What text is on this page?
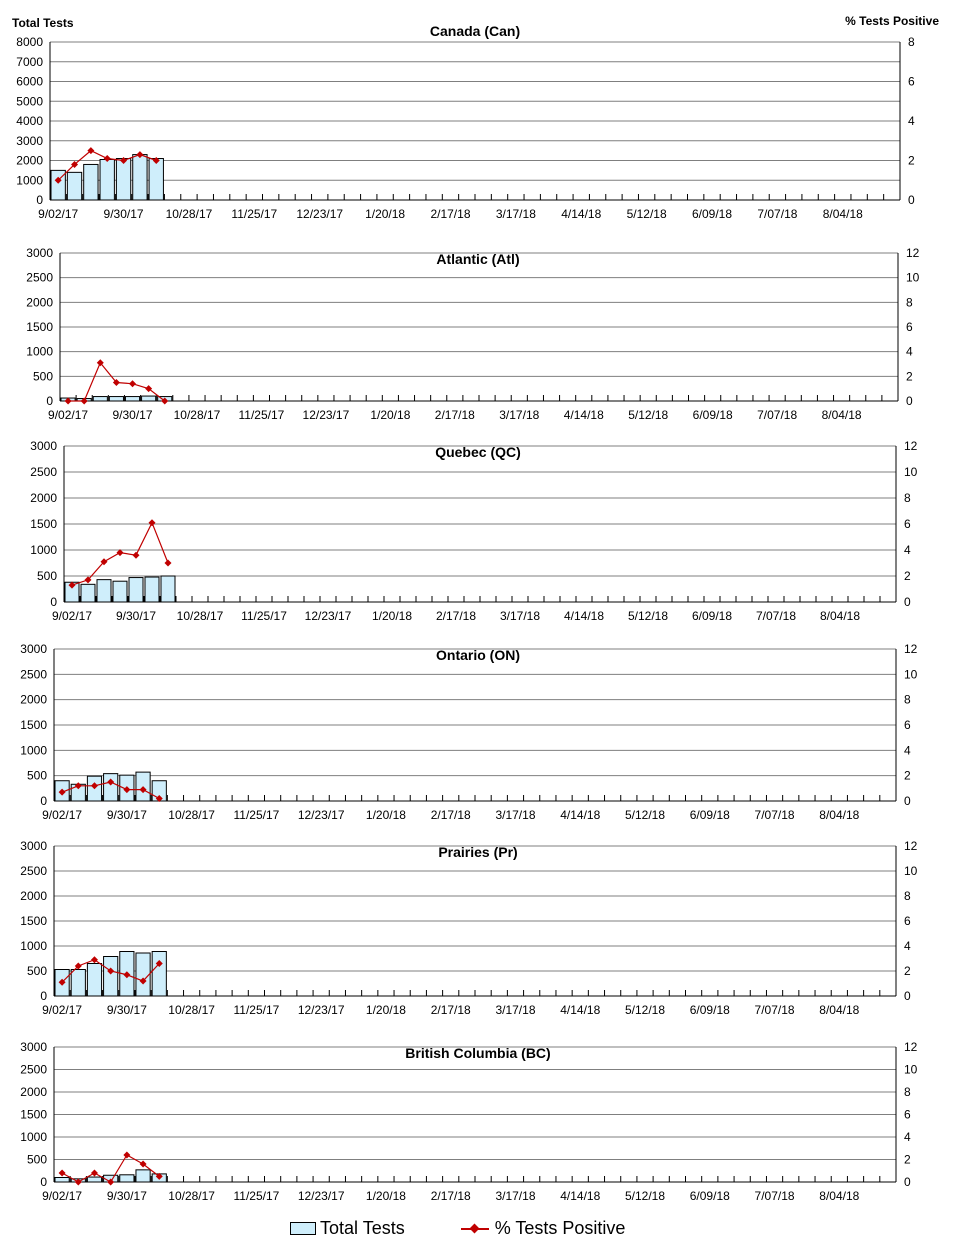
Total Tests	% Tests Positive
0
1000
2000
3000
4000
5000
6000
7000
8000
0
2
4
6
8
9/02/17 9/30/17 10/28/17 11/25/17 12/23/17 1/20/18 2/17/18 3/17/18 4/14/18 5/12/18 6/09/18 7/07/18 8/04/18
Canada (Can)
0
500
1000
1500
2000
2500
3000
0
2
4
6
8
10
12
9/02/17 9/30/17 10/28/17 11/25/17 12/23/17 1/20/18 2/17/18 3/17/18 4/14/18 5/12/18 6/09/18 7/07/18 8/04/18
Atlantic (Atl)
0
500
1000
1500
2000
2500
3000
0
2
4
6
8
10
12
9/02/17 9/30/17 10/28/17 11/25/17 12/23/17 1/20/18 2/17/18 3/17/18 4/14/18 5/12/18 6/09/18 7/07/18 8/04/18
Quebec (QC)
0
500
1000
1500
2000
2500
3000
0
2
4
6
8
10
12
9/02/17 9/30/17 10/28/17 11/25/17 12/23/17 1/20/18 2/17/18 3/17/18 4/14/18 5/12/18 6/09/18 7/07/18 8/04/18
Ontario (ON)
0
500
1000
1500
2000
2500
3000
0
2
4
6
8
10
12
9/02/17 9/30/17 10/28/17 11/25/17 12/23/17 1/20/18 2/17/18 3/17/18 4/14/18 5/12/18 6/09/18 7/07/18 8/04/18
Prairies (Pr)
0
500
1000
1500
2000
2500
3000
0
2
4
6
8
10
12
9/02/17 9/30/17 10/28/17 11/25/17 12/23/17 1/20/18 2/17/18 3/17/18 4/14/18 5/12/18 6/09/18 7/07/18 8/04/18
British Columbia (BC)
Total Tests	% Tests Positive
